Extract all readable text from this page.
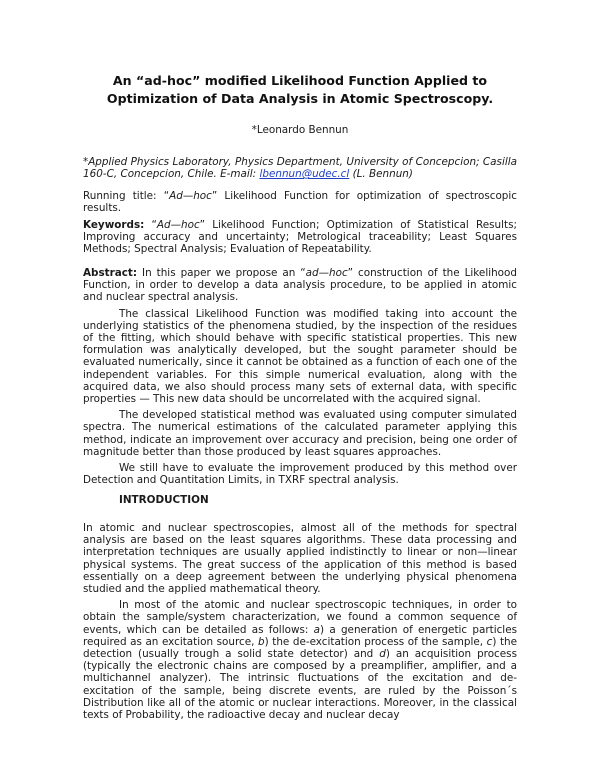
An “ad-hoc” modified Likelihood Function Applied to
Optimization of Data Analysis in Atomic Spectroscopy.
*Leonardo Bennun
*Applied Physics Laboratory, Physics Department, University of Concepcion; Casilla 160-C, Concepcion, Chile. E-mail: lbennun@udec.cl (L. Bennun)
Running title: “Ad—hoc” Likelihood Function for optimization of spectroscopic results.
Keywords: “Ad—hoc” Likelihood Function; Optimization of Statistical Results; Improving accuracy and uncertainty; Metrological traceability; Least Squares Methods; Spectral Analysis; Evaluation of Repeatability.

Abstract: In this paper we propose an “ad—hoc” construction of the Likelihood Function, in order to develop a data analysis procedure, to be applied in atomic and nuclear spectral analysis.

The classical Likelihood Function was modified taking into account the underlying statistics of the phenomena studied, by the inspection of the residues of the fitting, which should behave with specific statistical properties. This new formulation was analytically developed, but the sought parameter should be evaluated numerically, since it cannot be obtained as a function of each one of the independent variables. For this simple numerical evaluation, along with the acquired data, we also should process many sets of external data, with specific properties — This new data should be uncorrelated with the acquired signal.

The developed statistical method was evaluated using computer simulated spectra. The numerical estimations of the calculated parameter applying this method, indicate an improvement over accuracy and precision, being one order of magnitude better than those produced by least squares approaches.

We still have to evaluate the improvement produced by this method over Detection and Quantitation Limits, in TXRF spectral analysis.

INTRODUCTION

In atomic and nuclear spectroscopies, almost all of the methods for spectral analysis are based on the least squares algorithms. These data processing and interpretation techniques are usually applied indistinctly to linear or non—linear physical systems. The great success of the application of this method is based essentially on a deep agreement between the underlying physical phenomena studied and the applied mathematical theory.

In most of the atomic and nuclear spectroscopic techniques, in order to obtain the sample/system characterization, we found a common sequence of events, which can be detailed as follows: a) a generation of energetic particles required as an excitation source, b) the de-excitation process of the sample, c) the detection (usually trough a solid state detector) and d) an acquisition process (typically the electronic chains are composed by a preamplifier, amplifier, and a multichannel analyzer). The intrinsic fluctuations of the excitation and de-excitation of the sample, being discrete events, are ruled by the Poisson´s Distribution like all of the atomic or nuclear interactions. Moreover, in the classical texts of Probability, the radioactive decay and nuclear decay
